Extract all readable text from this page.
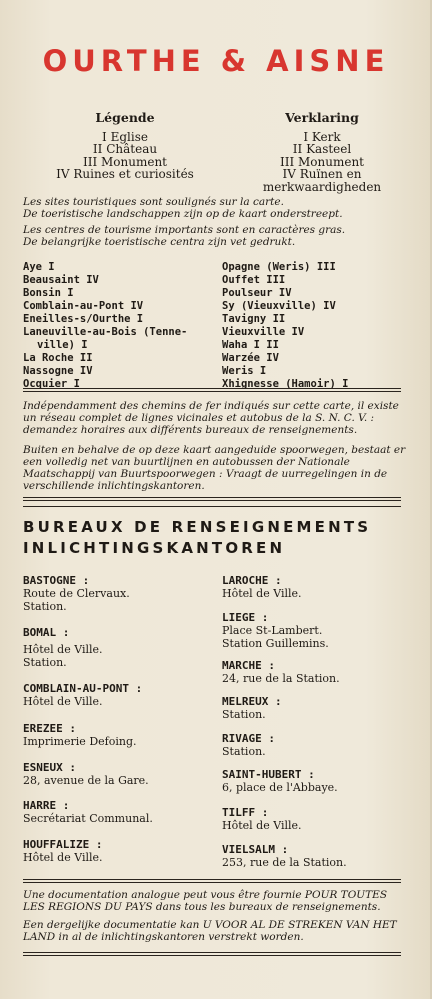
OURTHE & AISNE
Légende
I Eglise
II Château
III Monument
IV Ruines et curiosités
Verklaring
I Kerk
II Kasteel
III Monument
IV Ruïnen en merkwaardigheden
Les sites touristiques sont soulignés sur la carte.
De toeristische landschappen zijn op de kaart onderstreept.
Les centres de tourisme importants sont en caractères gras.
De belangrijke toeristische centra zijn vet gedrukt.
Aye I
Beausaint IV
Bonsin I
Comblain-au-Pont IV
Eneilles-s/Ourthe I
Laneuville-au-Bois (Tenne-
ville) I
La Roche II
Nassogne IV
Ocquier I
Opagne (Weris) III
Ouffet III
Poulseur IV
Sy (Vieuxville) IV
Tavigny II
Vieuxville IV
Waha I II
Warzée IV
Weris I
Xhignesse (Hamoir) I
Indépendamment des chemins de fer indiqués sur cette carte, il existe un réseau complet de lignes vicinales et autobus de la S. N. C. V. : demandez horaires aux différents bureaux de renseignements.
Buiten en behalve de op deze kaart aangeduide spoorwegen, bestaat er een volledig net van buurtlijnen en autobussen der Nationale Maatschappij van Buurtspoorwegen : Vraagt de uurregelingen in de verschillende inlichtingskantoren.
BUREAUX DE RENSEIGNEMENTS
INLICHTINGSKANTOREN
BASTOGNE :
Route de Clervaux.
Station.
BOMAL :
Hôtel de Ville.
Station.
COMBLAIN-AU-PONT :
Hôtel de Ville.
EREZEE :
Imprimerie Defoing.
ESNEUX :
28, avenue de la Gare.
HARRE :
Secrétariat Communal.
HOUFFALIZE :
Hôtel de Ville.
LAROCHE :
Hôtel de Ville.
LIEGE :
Place St-Lambert.
Station Guillemins.
MARCHE :
24, rue de la Station.
MELREUX :
Station.
RIVAGE :
Station.
SAINT-HUBERT :
6, place de l'Abbaye.
TILFF :
Hôtel de Ville.
VIELSALM :
253, rue de la Station.
Une documentation analogue peut vous être fournie POUR TOUTES LES REGIONS DU PAYS dans tous les bureaux de renseignements.
Een dergelijke documentatie kan U VOOR AL DE STREKEN VAN HET LAND in al de inlichtingskantoren verstrekt worden.
